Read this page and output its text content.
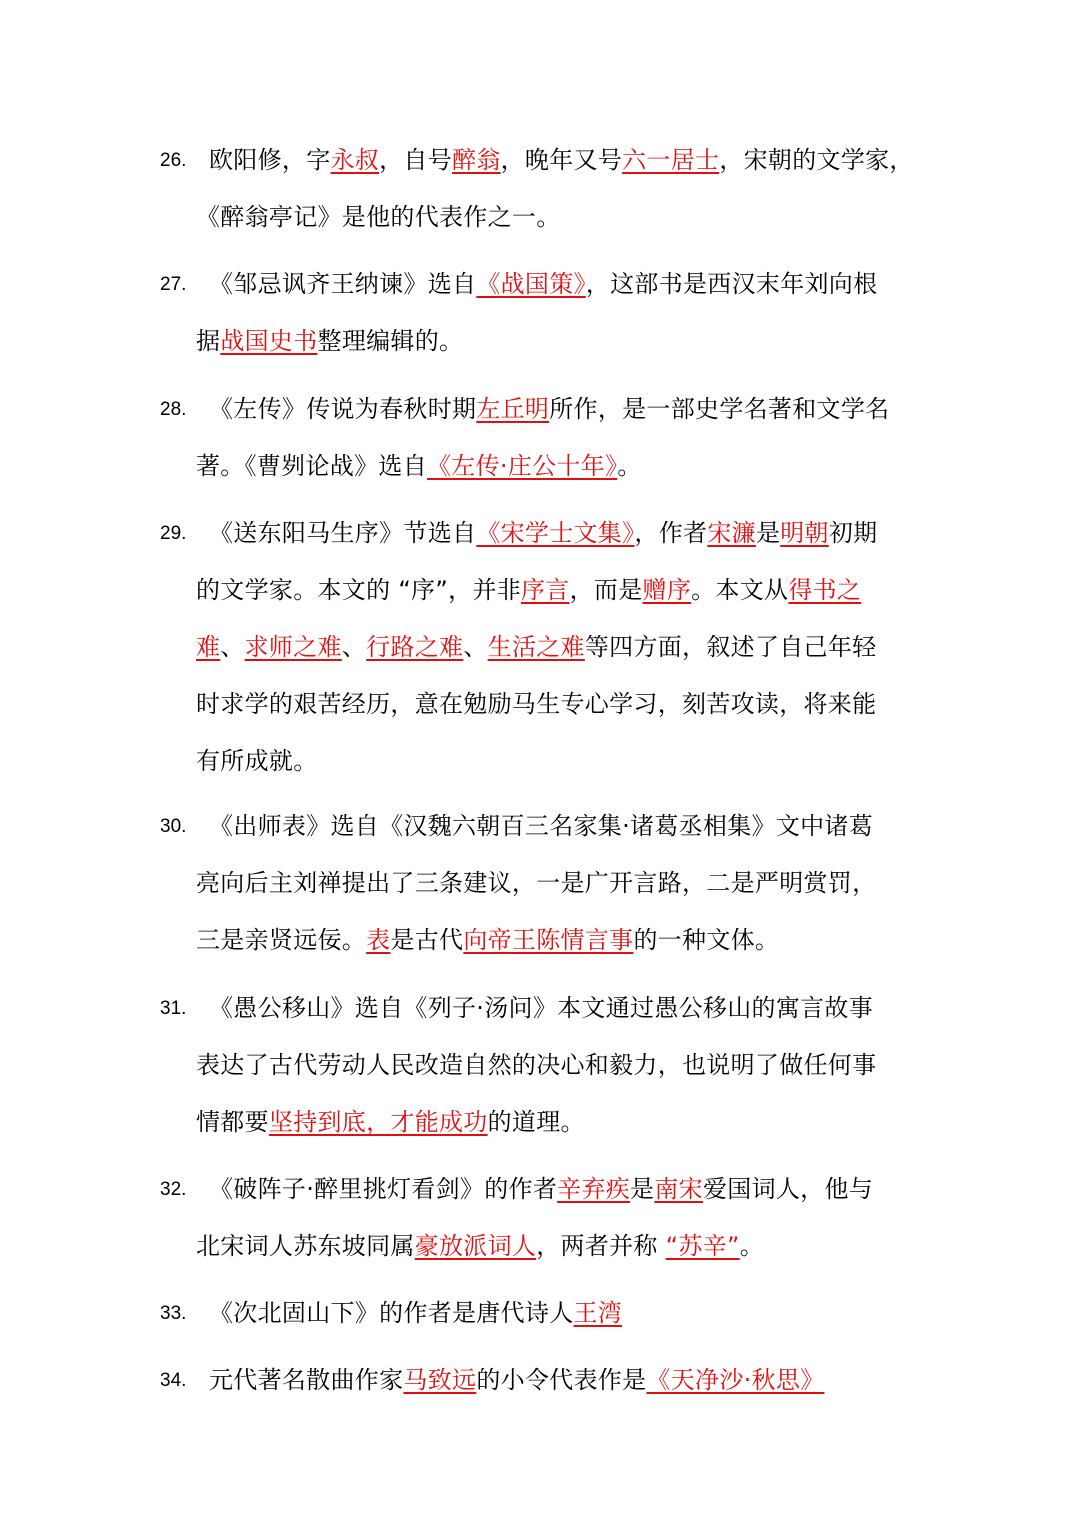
26. 欧阳修，字永叔，自号醉翁，晚年又号六一居士，宋朝的文学家，
《醉翁亭记》是他的代表作之一。
27. 《邹忌讽齐王纳谏》选自《战国策》，这部书是西汉末年刘向根
据战国史书整理编辑的。
28. 《左传》传说为春秋时期左丘明所作，是一部史学名著和文学名
著。《曹刿论战》选自《左传·庄公十年》。
29. 《送东阳马生序》节选自《宋学士文集》，作者宋濂是明朝初期
的文学家。本文的 “序”，并非序言，而是赠序。本文从得书之
难、求师之难、行路之难、生活之难等四方面，叙述了自己年轻
时求学的艰苦经历，意在勉励马生专心学习，刻苦攻读，将来能
有所成就。
30. 《出师表》选自《汉魏六朝百三名家集·诸葛丞相集》文中诸葛
亮向后主刘禅提出了三条建议，一是广开言路，二是严明赏罚，
三是亲贤远佞。表是古代向帝王陈情言事的一种文体。
31. 《愚公移山》选自《列子·汤问》本文通过愚公移山的寓言故事
表达了古代劳动人民改造自然的决心和毅力，也说明了做任何事
情都要坚持到底，才能成功的道理。
32. 《破阵子·醉里挑灯看剑》的作者辛弃疾是南宋爱国词人，他与
北宋词人苏东坡同属豪放派词人，两者并称 “苏辛”。
33. 《次北固山下》的作者是唐代诗人王湾
34. 元代著名散曲作家马致远的小令代表作是《天净沙·秋思》
